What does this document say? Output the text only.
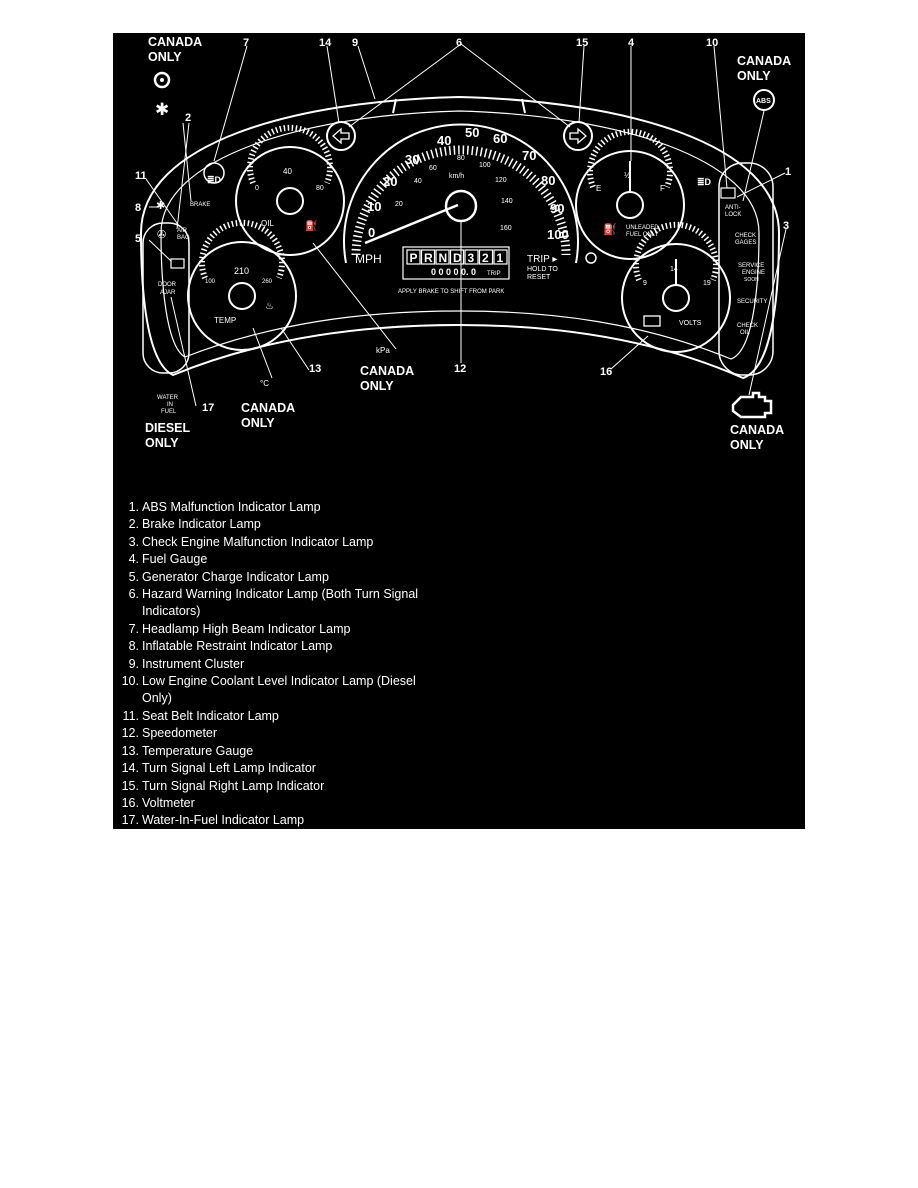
≣D
BRAKE
✱
AIR
BAG
✇
DOOR
AJAR
0
40
80
OIL	⛽
100
210
260
TEMP
♨
MPH
km/h
0 0 0 0 0. 0 TRIP
TRIP ▸
HOLD TO
RESET
APPLY BRAKE TO SHIFT FROM PARK
E
½
F
⛽ UNLEADED
FUEL ONLY
9
14
19
VOLTS
≣D
ANTI-
LOCK
CHECK
GAGES
SERVICE
ENGINE
SOON
SECURITY
CHECK
OIL
✱	ABS
WATER
IN
FUEL
kPa
°C
7	14 9	6	15	4	10
2
1
11
8
3
5
13	12	16
17
CANADA
ONLY	CANADA
ONLY
CANADA
ONLY
CANADA
ONLY
DIESEL
ONLY
CANADA
ONLY
0
10
20
30
40
50 60
70
80
90
100
20
40
60
80
100
120
140
160
P R N D 3 2 1
1. ABS Malfunction Indicator Lamp
2. Brake Indicator Lamp
3. Check Engine Malfunction Indicator Lamp
4. Fuel Gauge
5. Generator Charge Indicator Lamp
6. Hazard Warning Indicator Lamp (Both Turn Signal
Indicators)
7. Headlamp High Beam Indicator Lamp
8. Inflatable Restraint Indicator Lamp
9. Instrument Cluster
10. Low Engine Coolant Level Indicator Lamp (Diesel
Only)
11. Seat Belt Indicator Lamp
12. Speedometer
13. Temperature Gauge
14. Turn Signal Left Lamp Indicator
15. Turn Signal Right Lamp Indicator
16. Voltmeter
17. Water-In-Fuel Indicator Lamp
